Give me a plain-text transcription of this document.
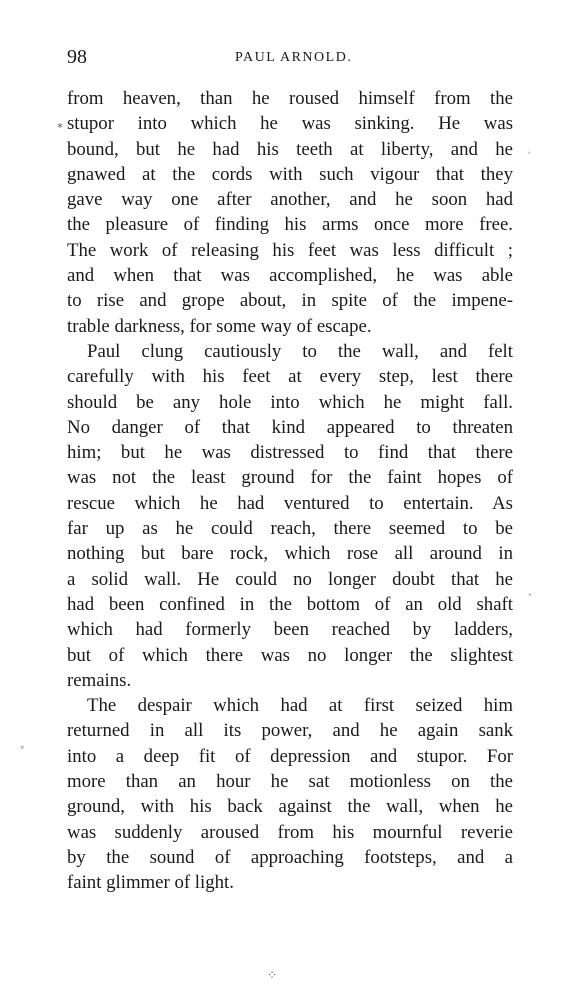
98	PAUL ARNOLD.
from heaven, than he roused himself from the
stupor into which he was sinking. He was
bound, but he had his teeth at liberty, and he
gnawed at the cords with such vigour that they
gave way one after another, and he soon had
the pleasure of finding his arms once more free.
The work of releasing his feet was less difficult ;
and when that was accomplished, he was able
to rise and grope about, in spite of the impene-
trable darkness, for some way of escape.
Paul clung cautiously to the wall, and felt
carefully with his feet at every step, lest there
should be any hole into which he might fall.
No danger of that kind appeared to threaten
him; but he was distressed to find that there
was not the least ground for the faint hopes of
rescue which he had ventured to entertain. As
far up as he could reach, there seemed to be
nothing but bare rock, which rose all around in
a solid wall. He could no longer doubt that he
had been confined in the bottom of an old shaft
which had formerly been reached by ladders,
but of which there was no longer the slightest
remains.
The despair which had at first seized him
returned in all its power, and he again sank
into a deep fit of depression and stupor. For
more than an hour he sat motionless on the
ground, with his back against the wall, when he
was suddenly aroused from his mournful reverie
by the sound of approaching footsteps, and a
faint glimmer of light.
⁎
ˌ
ˋ
◦
⁘
